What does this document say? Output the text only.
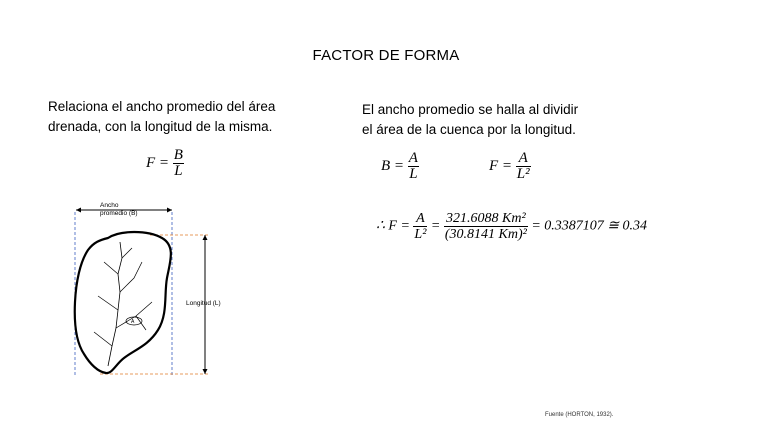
FACTOR DE FORMA
Relaciona el ancho promedio del área
drenada, con la longitud de la misma.
El ancho promedio se halla al dividir
el área de la cuenca por la longitud.
$F = \frac{B}{L}$	$B = \frac{A}{L}$	$F = \frac{A}{\text{L²}}$
∴ $F = \frac{A}{\text{L²}} = \frac{\text{321.6088 Km²}}{\text{(30.8141 Km)²}} = 0.3387107$ ≅ 0.34
Ancho
promedio (B)
Longitud (L)
A
Fuente (HORTON, 1932).
